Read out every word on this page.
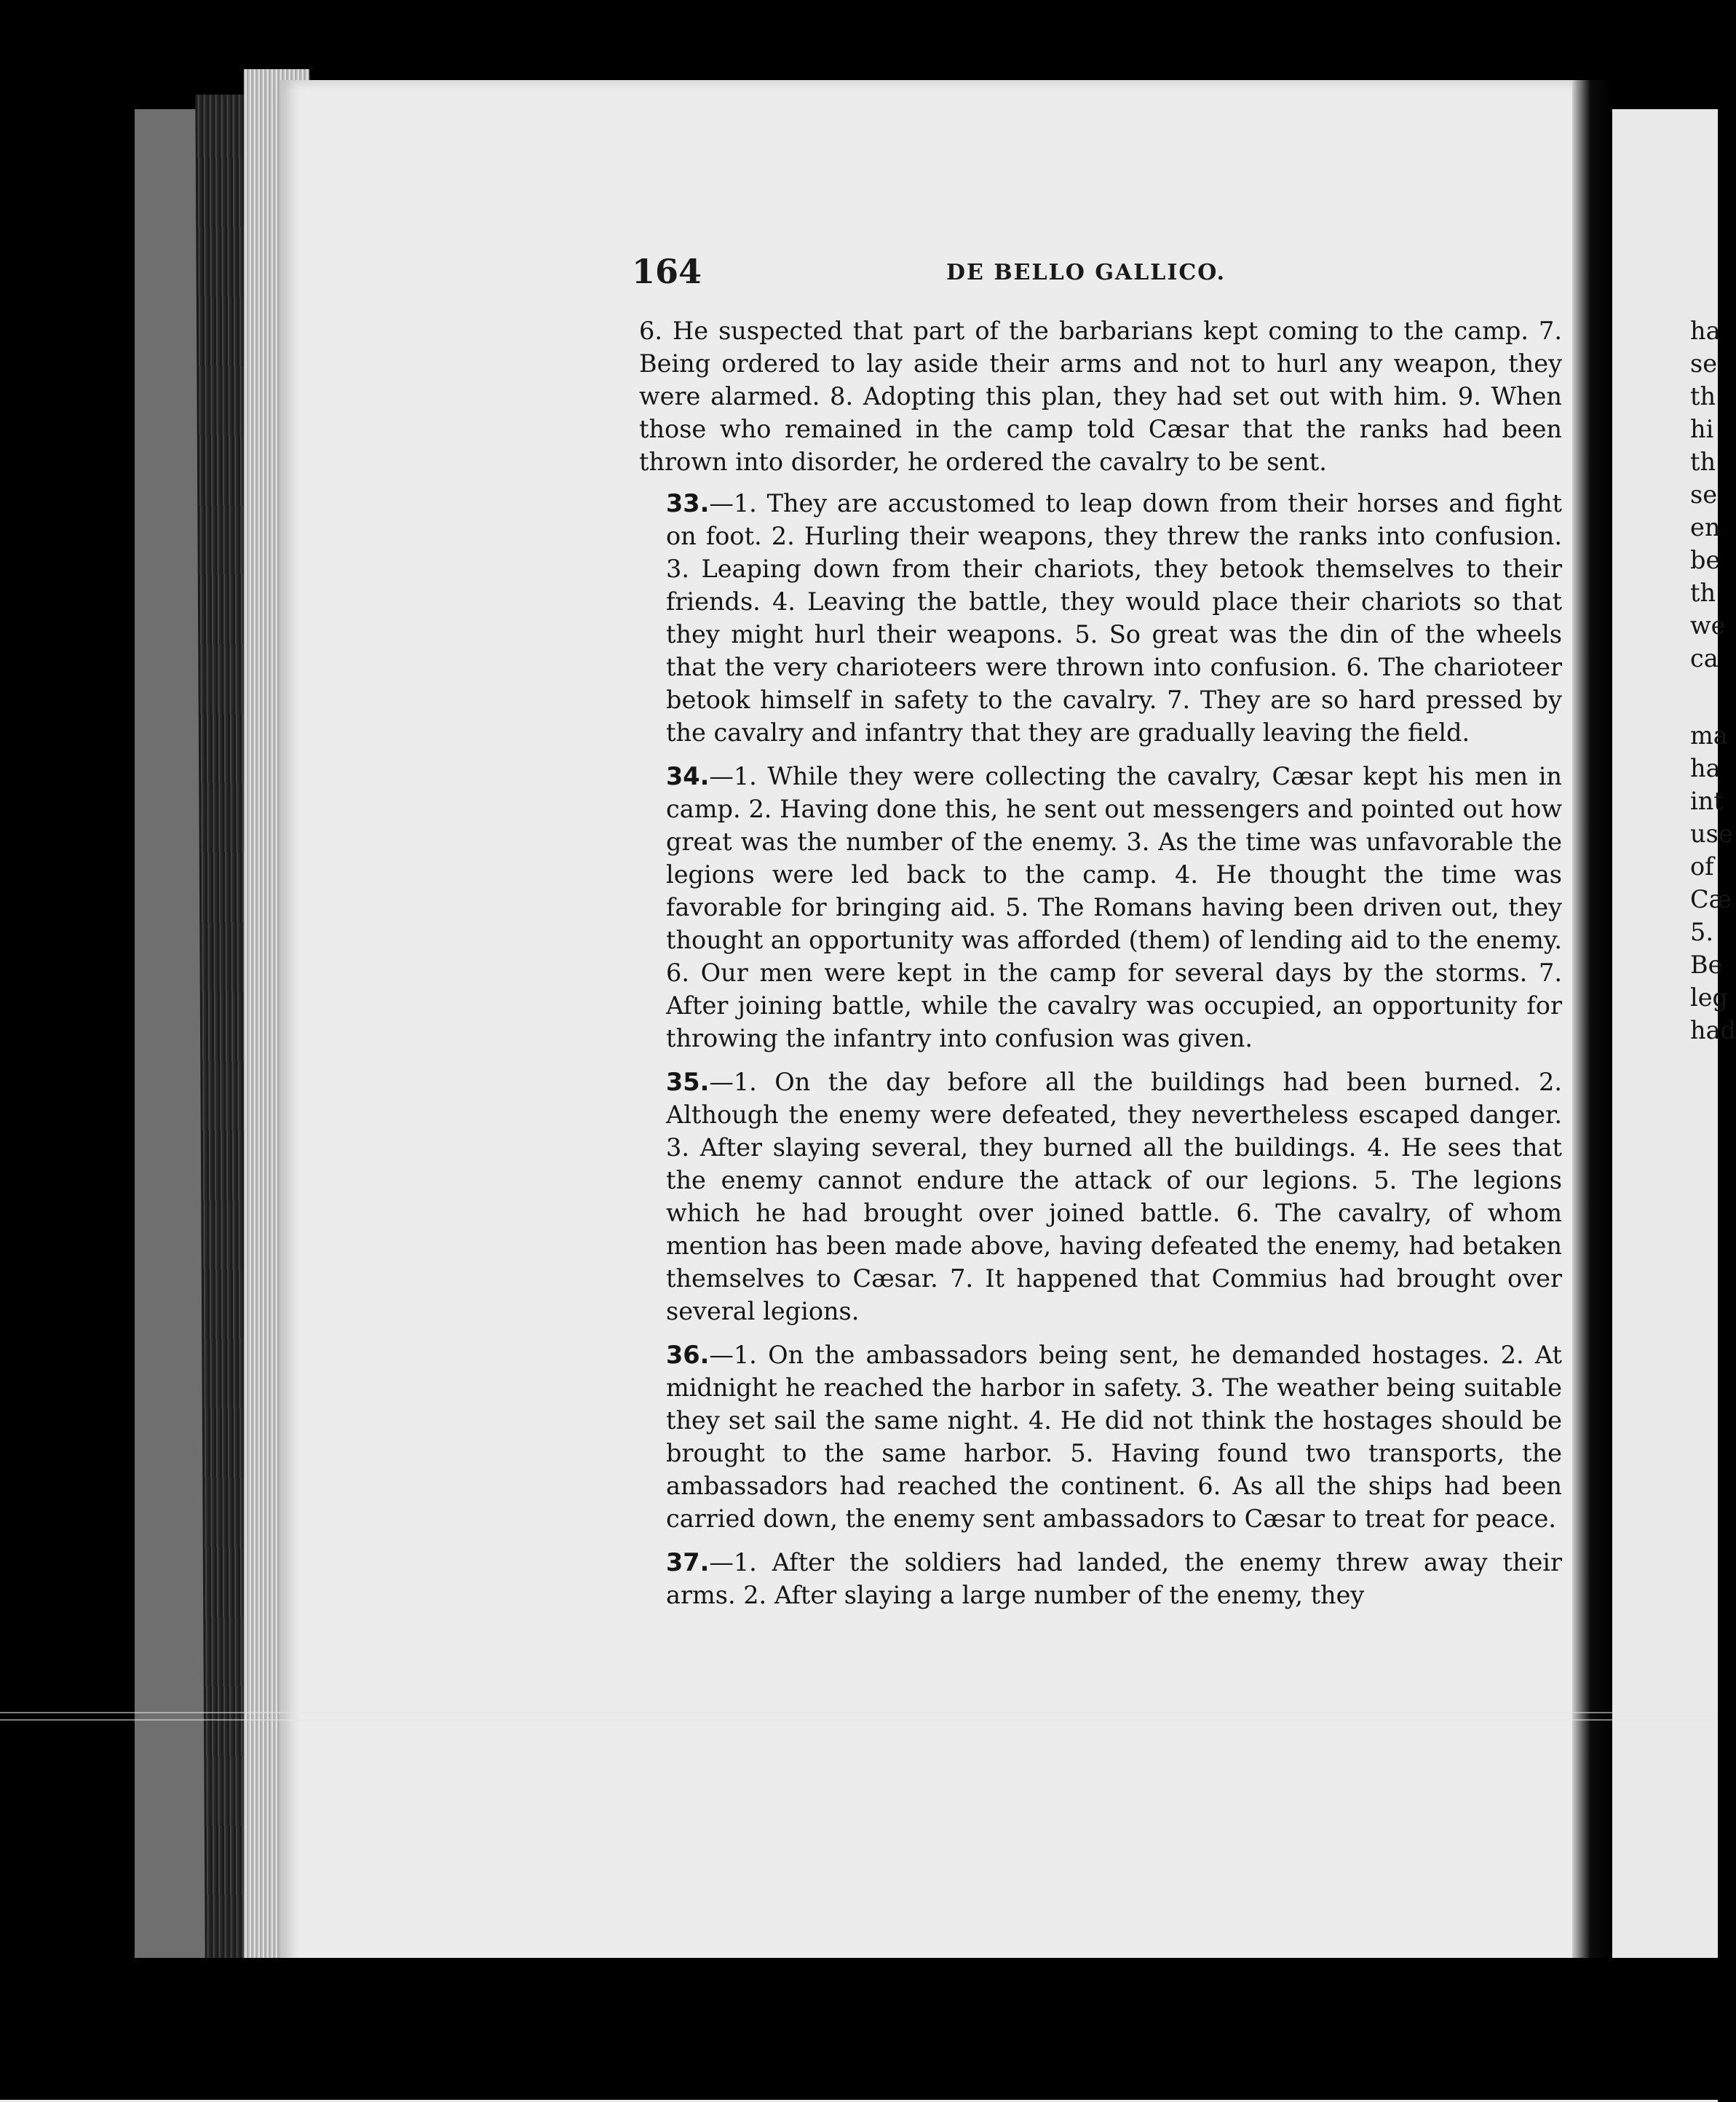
164	DE BELLO GALLICO.

6. He suspected that part of the barbarians kept coming to the camp. 7. Being ordered to lay aside their arms and not to hurl any weapon, they were alarmed. 8. Adopting this plan, they had set out with him. 9. When those who remained in the camp told Cæsar that the ranks had been thrown into disorder, he ordered the cavalry to be sent.

33.—1. They are accustomed to leap down from their horses and fight on foot. 2. Hurling their weapons, they threw the ranks into confusion. 3. Leaping down from their chariots, they betook themselves to their friends. 4. Leaving the battle, they would place their chariots so that they might hurl their weapons. 5. So great was the din of the wheels that the very charioteers were thrown into confusion. 6. The charioteer betook himself in safety to the cavalry. 7. They are so hard pressed by the cavalry and infantry that they are gradually leaving the field.

34.—1. While they were collecting the cavalry, Cæsar kept his men in camp. 2. Having done this, he sent out messengers and pointed out how great was the number of the enemy. 3. As the time was unfavorable the legions were led back to the camp. 4. He thought the time was favorable for bringing aid. 5. The Romans having been driven out, they thought an opportunity was afforded (them) of lending aid to the enemy. 6. Our men were kept in the camp for several days by the storms. 7. After joining battle, while the cavalry was occupied, an opportunity for throwing the infantry into confusion was given.

35.—1. On the day before all the buildings had been burned. 2. Although the enemy were defeated, they nevertheless escaped danger. 3. After slaying several, they burned all the buildings. 4. He sees that the enemy cannot endure the attack of our legions. 5. The legions which he had brought over joined battle. 6. The cavalry, of whom mention has been made above, having defeated the enemy, had betaken themselves to Cæsar. 7. It happened that Commius had brought over several legions.

36.—1. On the ambassadors being sent, he demanded hostages. 2. At midnight he reached the harbor in safety. 3. The weather being suitable they set sail the same night. 4. He did not think the hostages should be brought to the same harbor. 5. Having found two transports, the ambassadors had reached the continent. 6. As all the ships had been carried down, the enemy sent ambassadors to Cæsar to treat for peace.

37.—1. After the soldiers had landed, the enemy threw away their arms. 2. After slaying a large number of the enemy, they

ha
se
th
hi
th
se
en
be
th
we
ca
ma
ha
int
use
of
Cæ
5.
Be
leg
had
